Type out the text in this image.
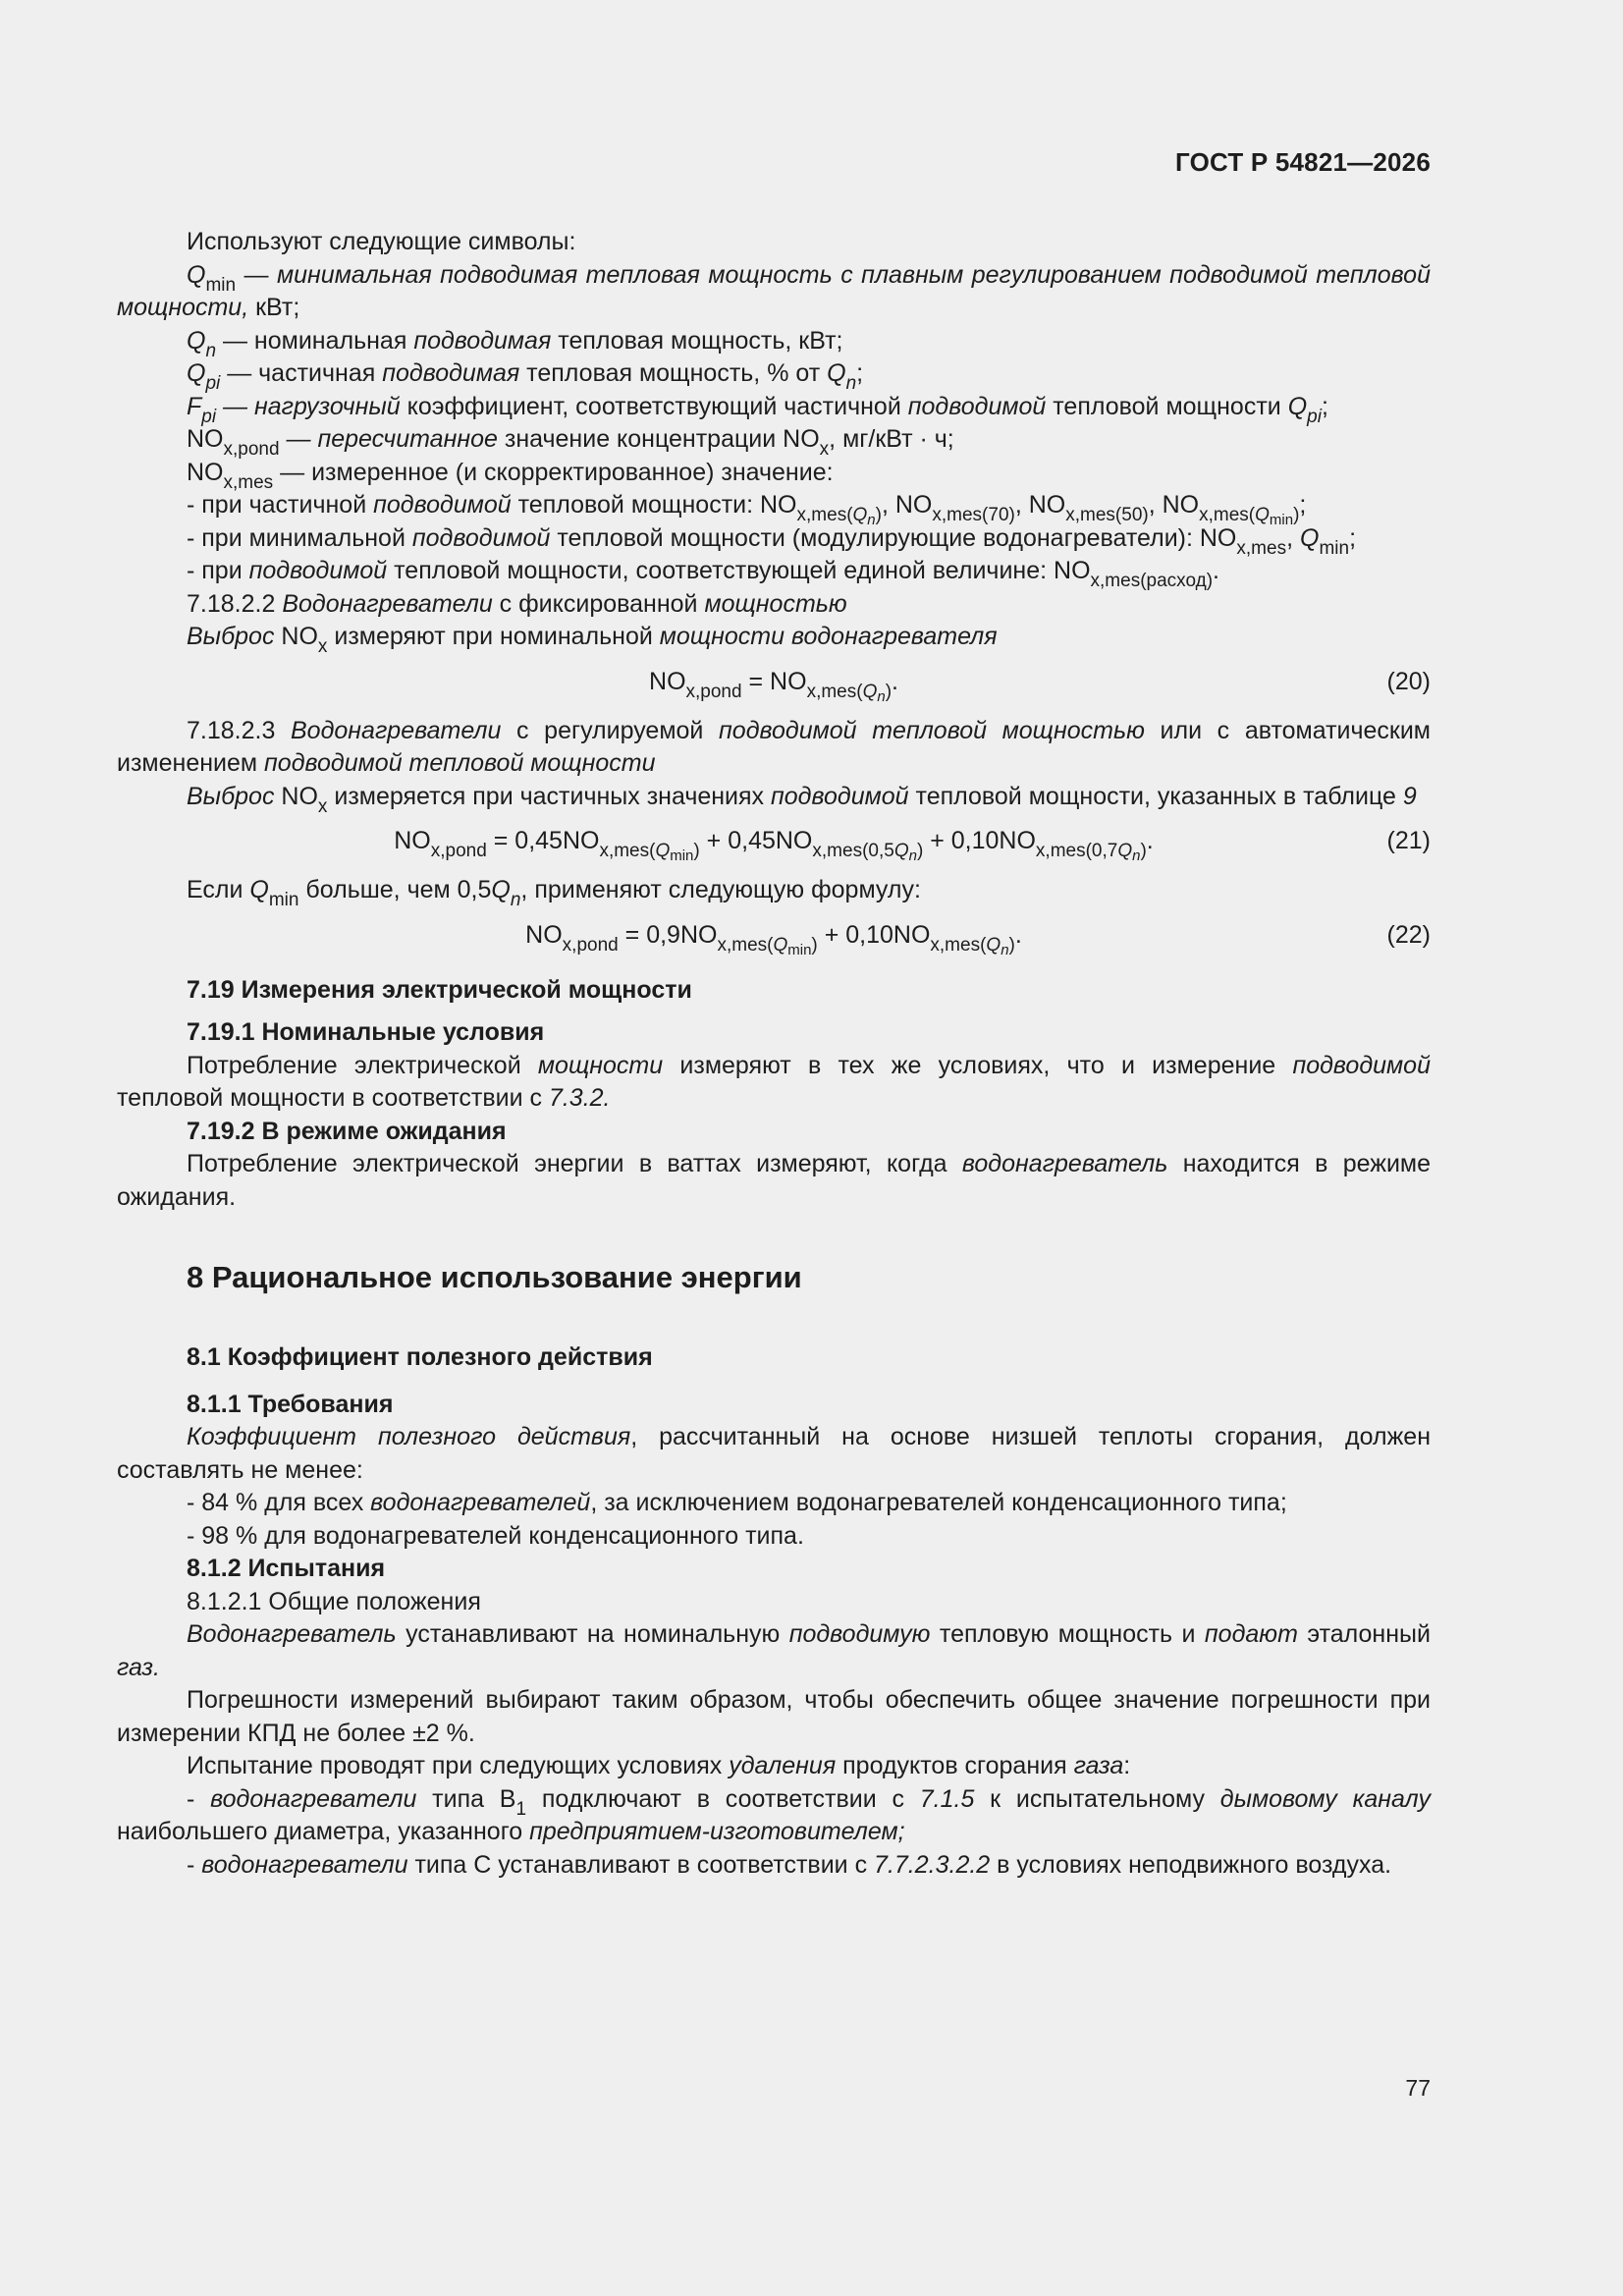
ГОСТ Р 54821—2026

Используют следующие символы:

$Q_{min}$ — минимальная подводимая тепловая мощность с плавным регулированием подводимой тепловой мощности, кВт;

$Q_n$ — номинальная подводимая тепловая мощность, кВт;

$Q_{pi}$ — частичная подводимая тепловая мощность, % от $Q_n$;

$F_{pi}$ — нагрузочный коэффициент, соответствующий частичной подводимой тепловой мощности $Q_{pi}$;

$NO_{x,pond}$ — пересчитанное значение концентрации $NO_x$, мг/кВт · ч;

$NO_{x,mes}$ — измеренное (и скорректированное) значение:

- при частичной подводимой тепловой мощности: $NO_{x,mes(Q_n)}$, $NO_{x,mes(70)}$, $NO_{x,mes(50)}$, $NO_{x,mes(Q_{min})}$;

- при минимальной подводимой тепловой мощности (модулирующие водонагреватели): $NO_{x,mes}$, $Q_{min}$;

- при подводимой тепловой мощности, соответствующей единой величине: $NO_{x,mes(расход)}$.

7.18.2.2 Водонагреватели с фиксированной мощностью

Выброс $NO_x$ измеряют при номинальной мощности водонагревателя

$NO_{x,pond} = NO_{x,mes(Q_n)}$.	(20)

7.18.2.3 Водонагреватели с регулируемой подводимой тепловой мощностью или с автоматическим изменением подводимой тепловой мощности

Выброс $NO_x$ измеряется при частичных значениях подводимой тепловой мощности, указанных в таблице 9

$NO_{x,pond} = 0,45NO_{x,mes(Q_{min})} + 0,45NO_{x,mes(0,5Q_n)} + 0,10NO_{x,mes(0,7Q_n)}$.	(21)

Если $Q_{min}$ больше, чем $0,5Q_n$, применяют следующую формулу:

$NO_{x,pond} = 0,9NO_{x,mes(Q_{min})} + 0,10NO_{x,mes(Q_n)}$.	(22)

7.19 Измерения электрической мощности

7.19.1 Номинальные условия

Потребление электрической мощности измеряют в тех же условиях, что и измерение подводимой тепловой мощности в соответствии с 7.3.2.

7.19.2 В режиме ожидания

Потребление электрической энергии в ваттах измеряют, когда водонагреватель находится в режиме ожидания.

8 Рациональное использование энергии

8.1 Коэффициент полезного действия

8.1.1 Требования

Коэффициент полезного действия, рассчитанный на основе низшей теплоты сгорания, должен составлять не менее:

- 84 % для всех водонагревателей, за исключением водонагревателей конденсационного типа;

- 98 % для водонагревателей конденсационного типа.

8.1.2 Испытания

8.1.2.1 Общие положения

Водонагреватель устанавливают на номинальную подводимую тепловую мощность и подают эталонный газ.

Погрешности измерений выбирают таким образом, чтобы обеспечить общее значение погрешности при измерении КПД не более ±2 %.

Испытание проводят при следующих условиях удаления продуктов сгорания газа:

- водонагреватели типа $B_1$ подключают в соответствии с 7.1.5 к испытательному дымовому каналу наибольшего диаметра, указанного предприятием-изготовителем;

- водонагреватели типа С устанавливают в соответствии с 7.7.2.3.2.2 в условиях неподвижного воздуха.

77
